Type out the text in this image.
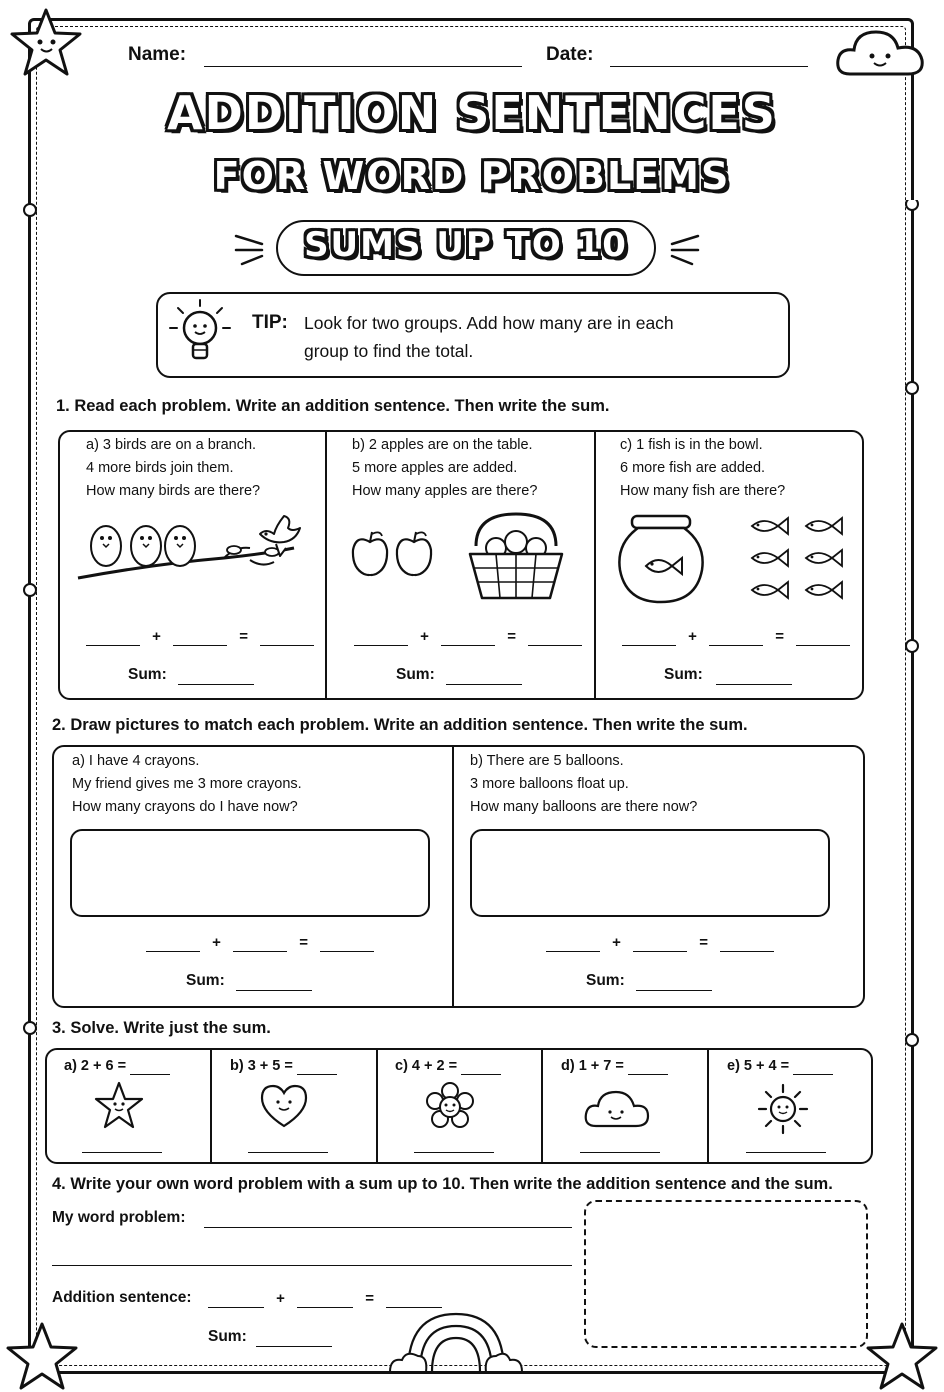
Name:	Date:
ADDITION SENTENCES
FOR WORD PROBLEMS
SUMS UP TO 10
TIP: Look for two groups. Add how many are in each
group to find the total.
1. Read each problem. Write an addition sentence. Then write the sum.
a) 3 birds are on a branch.
4 more birds join them.
How many birds are there?
+	=
Sum:
b) 2 apples are on the table.
5 more apples are added.
How many apples are there?
+	=
Sum:
c) 1 fish is in the bowl.
6 more fish are added.
How many fish are there?
+	=
Sum:
2. Draw pictures to match each problem. Write an addition sentence. Then write the sum.
a) I have 4 crayons.
My friend gives me 3 more crayons.
How many crayons do I have now?
+	=
Sum:
b) There are 5 balloons.
3 more balloons float up.
How many balloons are there now?
+	=
Sum:
3. Solve. Write just the sum.
a) 2 + 6 =	b) 3 + 5 =	c) 4 + 2 =	d) 1 + 7 =	e) 5 + 4 =
4. Write your own word problem with a sum up to 10. Then write the addition sentence and the sum.
My word problem:
Addition sentence:	+	=
Sum:
